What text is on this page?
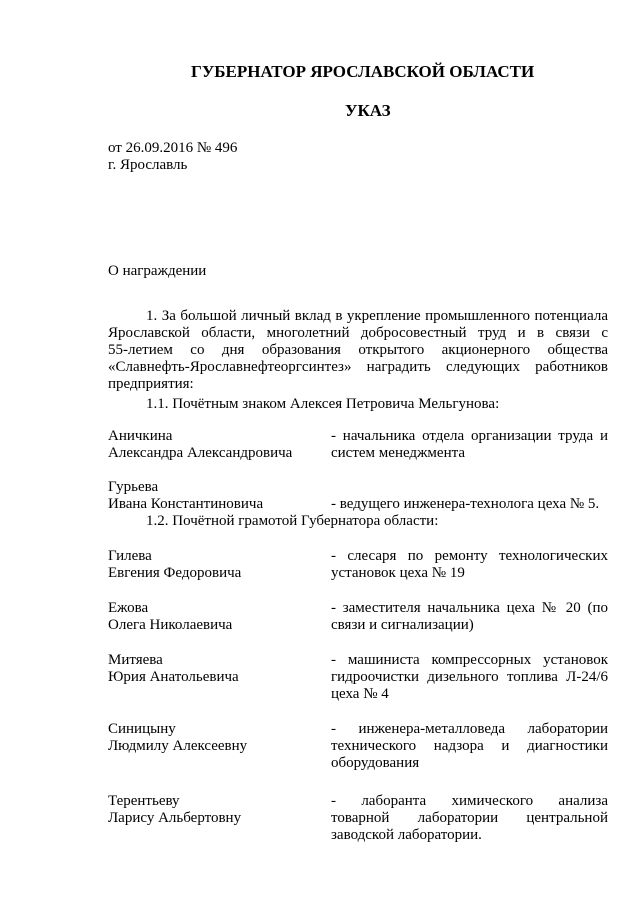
ГУБЕРНАТОР ЯРОСЛАВСКОЙ ОБЛАСТИ
УКАЗ
от 26.09.2016 № 496
г. Ярославль
О награждении

1. За большой личный вклад в укрепление промышленного потенциала

Ярославской области, многолетний добросовестный труд и в связи с

55-летием со дня образования открытого акционерного общества

«Славнефть-Ярославнефтеоргсинтез» наградить следующих работников

предприятия:

1.1. Почётным знаком Алексея Петровича Мельгунова:
Аничкина
Александра Александровича

- начальника отдела организации труда и

систем менеджмента

Гурьева
Ивана Константиновича	- ведущего инженера-технолога цеха № 5.

1.2. Почётной грамотой Губернатора области:
Гилева
Евгения Федоровича

- слесаря по ремонту технологических

установок цеха № 19

Ежова
Олега Николаевича

- заместителя начальника цеха № 20 (по

связи и сигнализации)

Митяева
Юрия Анатольевича

- машиниста компрессорных установок

гидроочистки дизельного топлива Л-24/6

цеха № 4

Синицыну
Людмилу Алексеевну

- инженера-металловеда лаборатории

технического надзора и диагностики

оборудования

Терентьеву
Ларису Альбертовну

- лаборанта химического анализа

товарной лаборатории центральной

заводской лаборатории.
